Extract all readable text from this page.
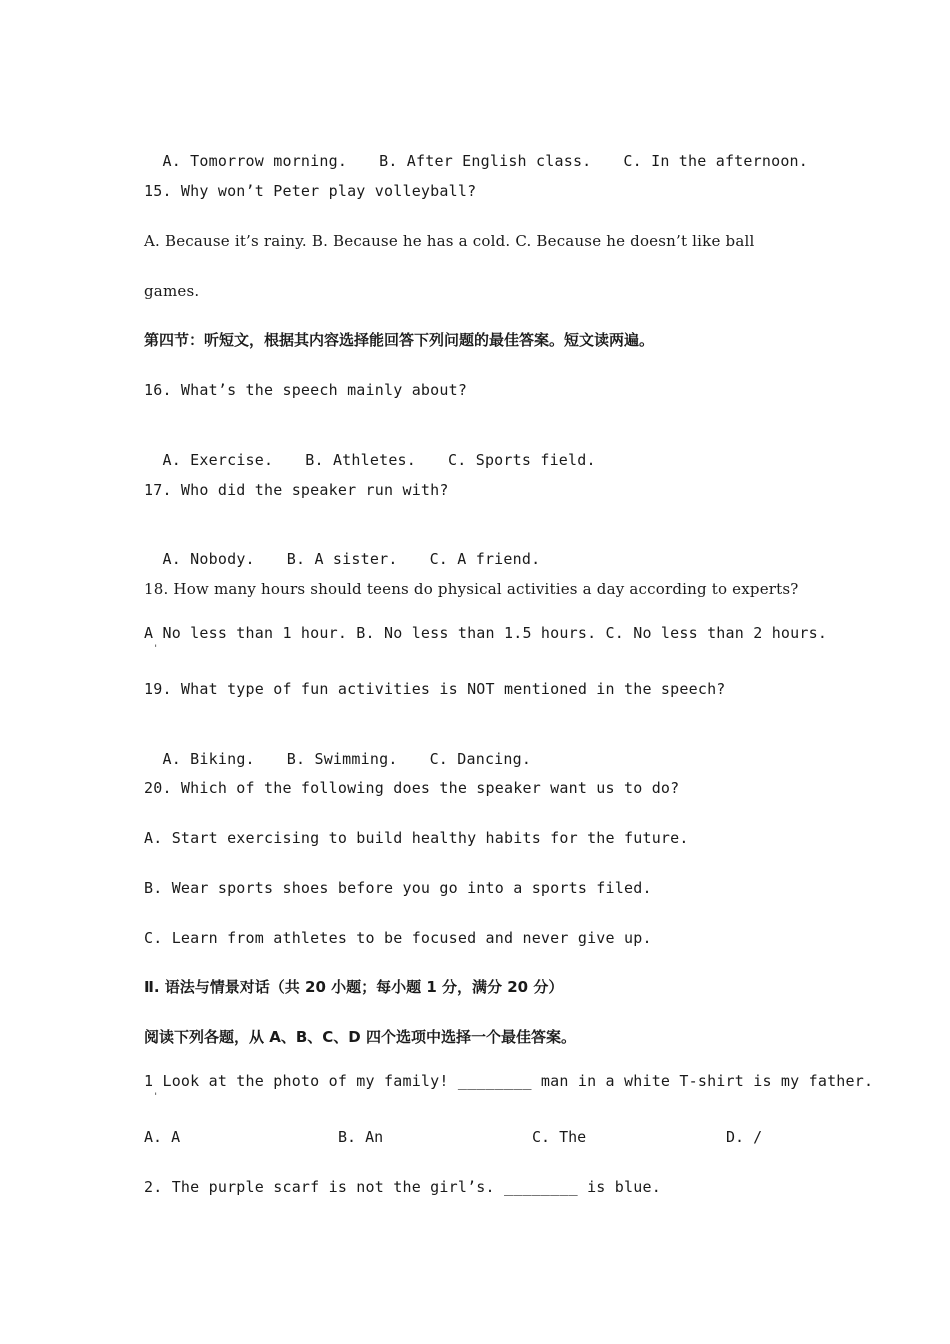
A. Tomorrow morning. B. After English class. C. In the afternoon.

15. Why won’t Peter play volleyball?
A. Because it’s rainy. B. Because he has a cold. C. Because he doesn’t like ball
games.
第四节：听短文，根据其内容选择能回答下列问题的最佳答案。短文读两遍。
16. What’s the speech mainly about?

A. Exercise. B. Athletes. C. Sports field.

17. Who did the speaker run with?

A. Nobody. B. A sister. C. A friend.

18. How many hours should teens do physical activities a day according to experts?
A No less than 1 hour. B. No less than 1.5 hours. C. No less than 2 hours.
'
19. What type of fun activities is NOT mentioned in the speech?

A. Biking. B. Swimming. C. Dancing.

20. Which of the following does the speaker want us to do?
A. Start exercising to build healthy habits for the future.
B. Wear sports shoes before you go into a sports filed.
C. Learn from athletes to be focused and never give up.
Ⅱ. 语法与情景对话（共 20 小题；每小题 1 分，满分 20 分）
阅读下列各题，从 A、B、C、D 四个选项中选择一个最佳答案。
1 Look at the photo of my family! ________ man in a white T-shirt is my father.
'
A. A	B. An	C. The	D. /
2. The purple scarf is not the girl’s. ________ is blue.
